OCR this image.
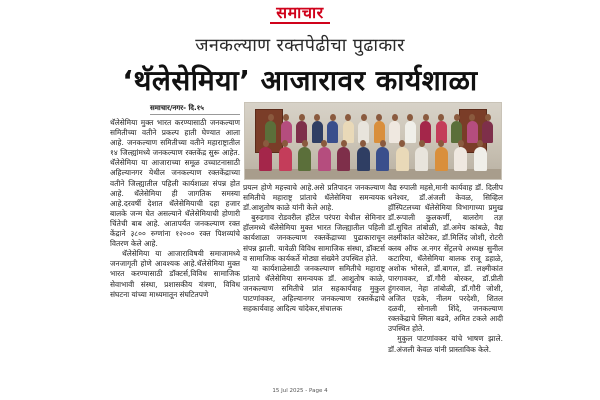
समाचार
जनकल्याण रक्तपेढीचा पुढाकार
‘थॅलेसेमिया’ आजारावर कार्यशाळा
समाचार/नगर- दि.१५
थॅलेसेमिया मुक्त भारत करण्यासाठी जनकल्याण समितीच्या वतीने प्रकल्प हाती घेण्यात आला आहे. जनकल्याण समितीच्या वतीने महाराष्ट्रातील १४ जिल्ह्यांमध्ये जनकल्याण रक्तकेंद्र सुरू आहेत. थॅलेसेमिया या आजाराच्या समूळ उच्चाटनासाठी अहिल्यानगर येथील जनकल्याण रक्तकेंद्राच्या वतीने जिल्ह्यातील पहिली कार्यशाळा संपन्न होत आहे. थॅलेसेमिया ही जागतिक समस्या आहे.दरवर्षी देशात थॅलेसेमियाची दहा हजार बालके जन्म घेत असल्याने थॅलेसेमियाची होणारी चिंतेची बाब आहे. आतापर्यंत जनकल्याण रक्त केंद्राने ३८०० रुग्णांना १२००० रक्त पिशव्यांचे वितरण केले आहे.
थॅलेसेमिया या आजाराविषयी समाजामध्ये जनजागृती होणे आवश्यक आहे.थॅलेसेमिया मुक्त भारत करण्यासाठी डॉक्टर्स,विविध सामाजिक सेवाभावी संस्था, प्रशासकीय यंत्रणा, विविध संघटना यांच्या माध्यमातून संघटितपणे
प्रयत्न होणे महत्त्वाचे आहे.असे प्रतिपादन जनकल्याण समितीचे महाराष्ट्र प्रांताचे थॅलेसेमिया समन्वयक डॉ.आशुतोष काळे यांनी केले आहे.
बुरुडगाव रोडवरील हॉटेल परंपरा येथील सेमिनार हॉलमध्ये थॅलेसेमिया मुक्त भारत जिल्ह्यातील पहिली कार्यशाळा जनकल्याण रक्तकेंद्राच्या पुढाकाराचून संपन्न झाली. यावेळी विविध सामाजिक संस्था, डॉक्टर्स व सामाजिक कार्यकर्ते मोठ्या संख्येने उपस्थित होते.
या कार्यशाळेसाठी जनकल्याण समितीचे महाराष्ट्र प्रांताचे थॅलेसेमिया समन्वयक डॉ. आशुतोष काळे, जनकल्याण समितीचे प्रांत सहकार्यवाह मुकुल पाटणांवकर, अहिल्यानगर जनकल्याण रक्तकेंद्राचे सहकार्यवाह आदित्य चांदेकर,संचालक
वैद्य रुपाली महसे,मानी कार्यवाह डॉ. दिलीप धनेश्वर, डॉ.अंजली केवळ, सिव्हिल हॉस्पिटलच्या थॅलेसेमिया विभागाच्या प्रमुख डॉ.रूपाली कुलकर्णी, बालरोग तज्ञ डॉ.सुचित तांबोळी, डॉ.अमेय कांबळे, वैद्य लक्ष्मीकांत कोटेकर, डॉ.मिलिंद जोशी, रोटरी क्लब ऑफ अ.नगर सेंट्रलचे अध्यक्ष सुनील कटारिया, थॅलेसेमिया बालक राजू डहाळे, अशोक भोसले, डॉ.बागल, डॉ. लक्ष्मीकांत पारगावकर, डॉ.गौरी बोरकर, डॉ.प्रीती हुंगरवाल, नेहा तांबोळी, डॉ.गौरी जोशी, अजित एडके, नीलम परदेशी, शितल दळवी, सोनाली शिंदे, जनकल्याण रक्तकेंद्राचे स्मिता बढवे, अमित टकले आदी उपस्थित होते.
मुकुल पाटणांवकर यांचे भाषण झाले. डॉ.अंजली केवळ यांनी प्रास्ताविक केले.
15 Jul 2025 - Page 4
